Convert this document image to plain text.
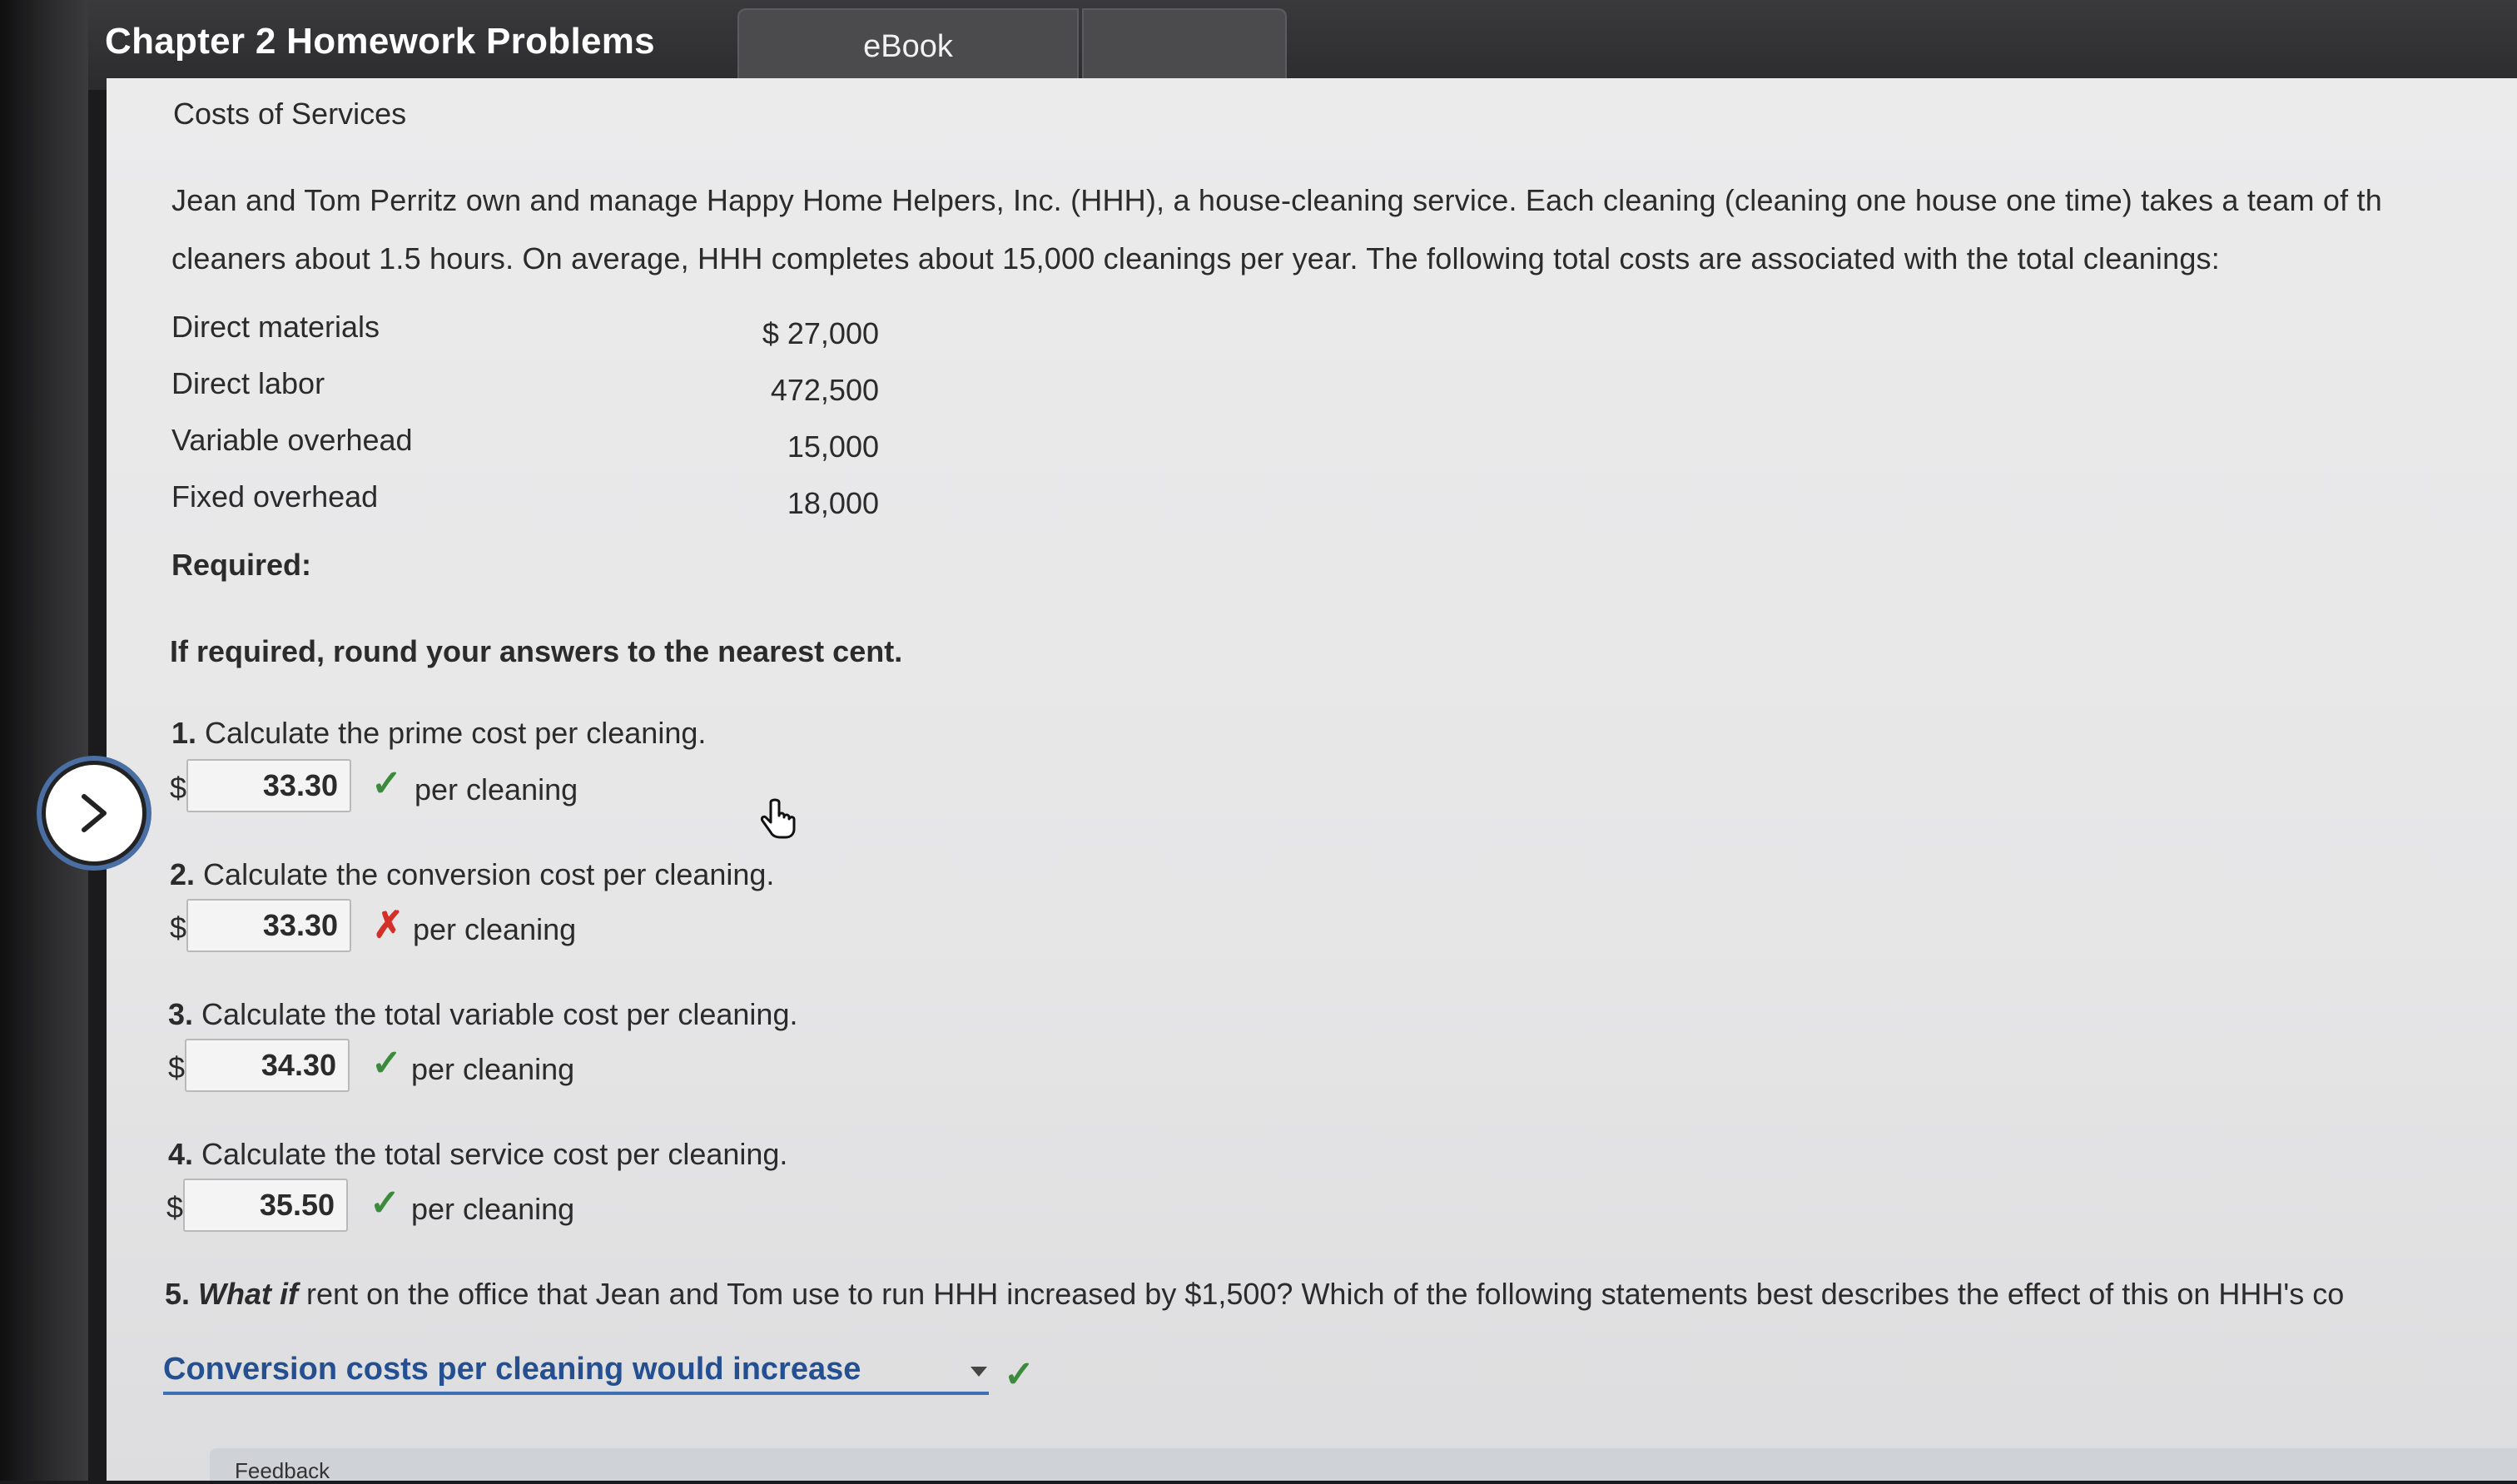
Chapter 2 Homework Problems	eBook
Costs of Services
Jean and Tom Perritz own and manage Happy Home Helpers, Inc. (HHH), a house-cleaning service. Each cleaning (cleaning one house one time) takes a team of th
cleaners about 1.5 hours. On average, HHH completes about 15,000 cleanings per year. The following total costs are associated with the total cleanings:
Direct materials	$ 27,000
Direct labor	472,500
Variable overhead	15,000
Fixed overhead	18,000
Required:
If required, round your answers to the nearest cent.
1. Calculate the prime cost per cleaning.
$	33.30 ✓ per cleaning
2. Calculate the conversion cost per cleaning.
$	33.30 ✗ per cleaning
3. Calculate the total variable cost per cleaning.
$	34.30 ✓ per cleaning
4. Calculate the total service cost per cleaning.
$	35.50 ✓ per cleaning
5. What if rent on the office that Jean and Tom use to run HHH increased by $1,500? Which of the following statements best describes the effect of this on HHH's co
Conversion costs per cleaning would increase	✓
Feedback
